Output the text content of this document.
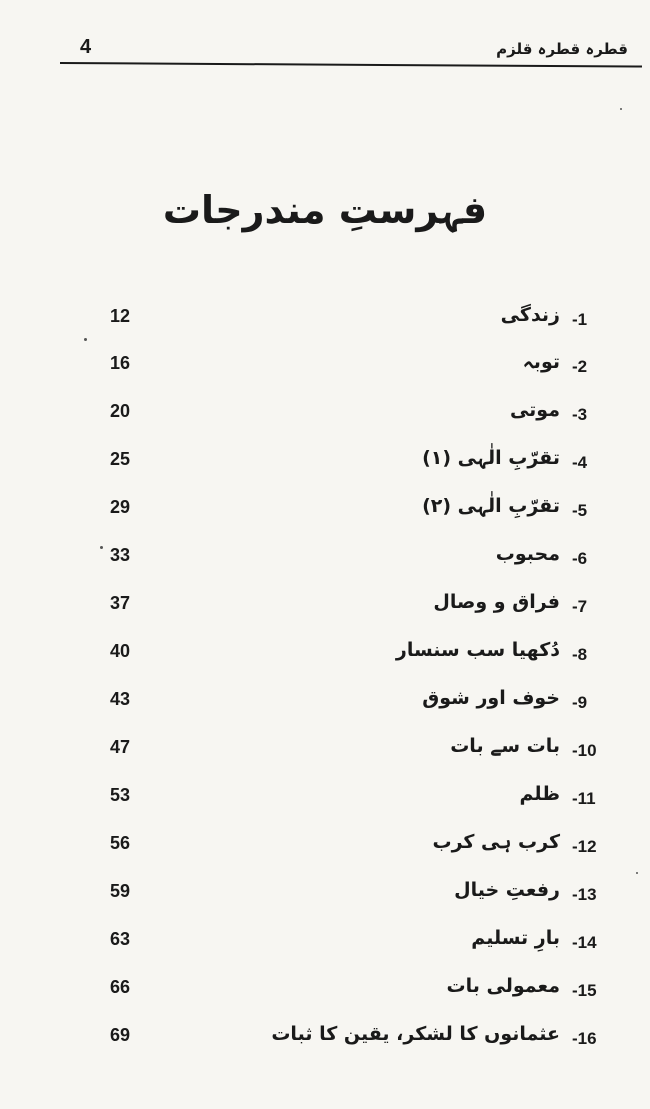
4	قطرہ قطرہ قلزم
فہرستِ مندرجات
12	زندگی -1
16	توبہ -2
20	موتی -3
25	تقرّبِ الٰہی (۱) -4
29	تقرّبِ الٰہی (۲) -5
33	محبوب -6
37	فراق و وصال -7
40	دُکھیا سب سنسار -8
43	خوف اور شوق -9
47	بات سے بات -10
53	ظلم -11
56	کرب ہی کرب -12
59	رفعتِ خیال -13
63	بارِ تسلیم -14
66	معمولی بات -15
69	عثمانوں کا لشکر، یقین کا ثبات -16
